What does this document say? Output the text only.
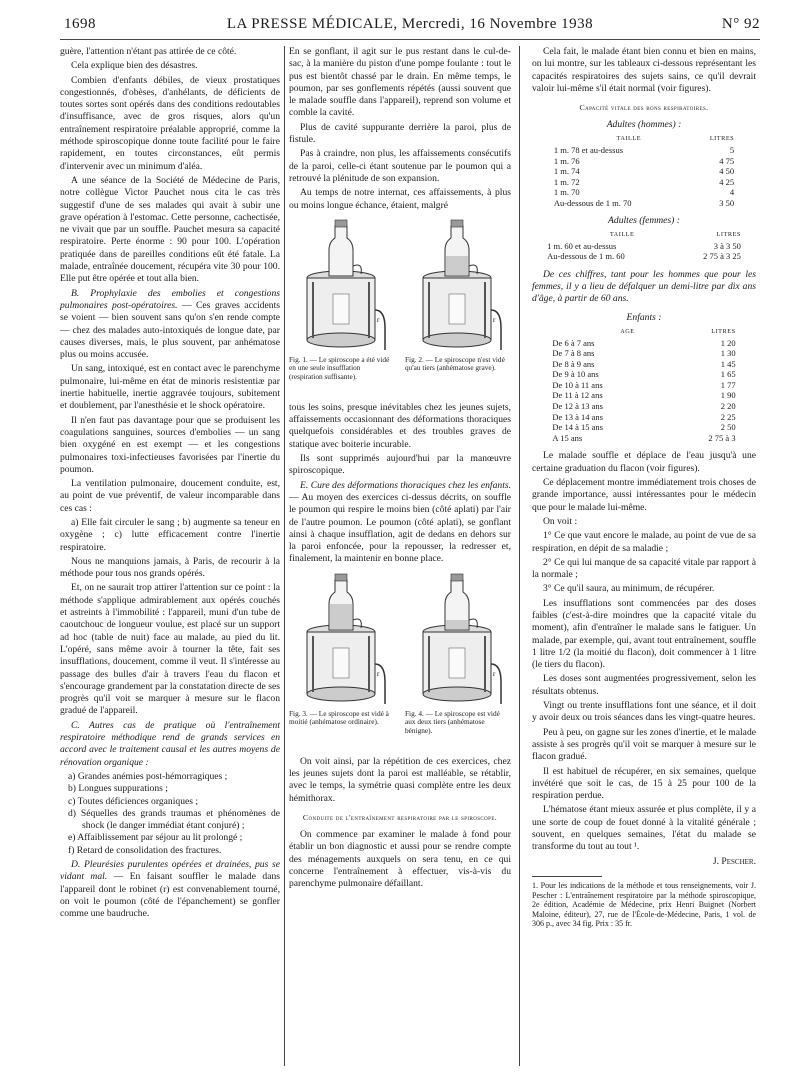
1698	LA PRESSE MÉDICALE, Mercredi, 16 Novembre 1938	N° 92

guère, l'attention n'étant pas attirée de ce côté.

Cela explique bien des désastres.

Combien d'enfants débiles, de vieux prostatiques congestionnés, d'obèses, d'anhélants, de déficients de toutes sortes sont opérés dans des conditions redoutables d'insuffisance, avec de gros risques, alors qu'un entraînement respiratoire préalable approprié, comme la méthode spiroscopique donne toute facilité pour le faire rapidement, en toutes circonstances, eût permis d'intervenir avec un minimum d'aléa.

A une séance de la Société de Médecine de Paris, notre collègue Victor Pauchet nous cita le cas très suggestif d'une de ses malades qui avait à subir une grave opération à l'estomac. Cette personne, cachectisée, ne vivait que par un souffle. Pauchet mesura sa capacité respiratoire. Perte énorme : 90 pour 100. L'opération pratiquée dans de pareilles conditions eût été fatale. La malade, entraînée doucement, récupéra vite 30 pour 100. Elle put être opérée et tout alla bien.

B. Prophylaxie des embolies et congestions pulmonaires post-opératoires. — Ces graves accidents se voient — bien souvent sans qu'on s'en rende compte — chez des malades auto-intoxiqués de longue date, par causes diverses, mais, le plus souvent, par anhématose plus ou moins accusée.

Un sang, intoxiqué, est en contact avec le parenchyme pulmonaire, lui-même en état de minoris resistentiæ par inertie habituelle, inertie aggravée toujours, subitement et doublement, par l'anesthésie et le shock opératoire.

Il n'en faut pas davantage pour que se produisent les coagulations sanguines, sources d'embolies — un sang bien oxygéné en est exempt — et les congestions pulmonaires toxi-infectieuses favorisées par l'inertie du poumon.

La ventilation pulmonaire, doucement conduite, est, au point de vue préventif, de valeur incomparable dans ces cas :

a) Elle fait circuler le sang ; b) augmente sa teneur en oxygène ; c) lutte efficacement contre l'inertie respiratoire.

Nous ne manquions jamais, à Paris, de recourir à la méthode pour tous nos grands opérés.

Et, on ne saurait trop attirer l'attention sur ce point : la méthode s'applique admirablement aux opérés couchés et astreints à l'immobilité : l'appareil, muni d'un tube de caoutchouc de longueur voulue, est placé sur un support ad hoc (table de nuit) face au malade, au pied du lit. L'opéré, sans même avoir à tourner la tête, fait ses insufflations, doucement, comme il veut. Il s'intéresse au passage des bulles d'air à travers l'eau du flacon et s'encourage grandement par la constatation directe de ses progrès qu'il voit se marquer à mesure sur le flacon gradué de l'appareil.

C. Autres cas de pratique où l'entraînement respiratoire méthodique rend de grands services en accord avec le traitement causal et les autres moyens de rénovation organique :

a) Grandes anémies post-hémorragiques ;
b) Longues suppurations ;
c) Toutes déficiences organiques ;
d) Séquelles des grands traumas et phénomènes de shock (le danger immédiat étant conjuré) ;
e) Affaiblissement par séjour au lit prolongé ;
f) Retard de consolidation des fractures.

D. Pleurésies purulentes opérées et drainées, pus se vidant mal. — En faisant souffler le malade dans l'appareil dont le robinet (r) est convenablement tourné, on voit le poumon (côté de l'épanchement) se gonfler comme une baudruche.

En se gonflant, il agit sur le pus restant dans le cul-de-sac, à la manière du piston d'une pompe foulante : tout le pus est bientôt chassé par le drain. En même temps, le poumon, par ses gonflements répétés (aussi souvent que le malade souffle dans l'appareil), reprend son volume et comble la cavité.

Plus de cavité suppurante derrière la paroi, plus de fistule.

Pas à craindre, non plus, les affaissements consécutifs de la paroi, celle-ci étant soutenue par le poumon qui a retrouvé la plénitude de son expansion.

Au temps de notre internat, ces affaissements, à plus ou moins longue échance, étaient, malgré

r
Fig. 1. — Le spiroscope a été vidé en une seule insufflation (respiration suffisante).
r
Fig. 2. — Le spiroscope n'est vidé qu'au tiers (anhématose grave).

tous les soins, presque inévitables chez les jeunes sujets, affaissements occasionnant des déformations thoraciques quelquefois considérables et des troubles graves de statique avec boiterie incurable.

Ils sont supprimés aujourd'hui par la manœuvre spiroscopique.

E. Cure des déformations thoraciques chez les enfants. — Au moyen des exercices ci-dessus décrits, on souffle le poumon qui respire le moins bien (côté aplati) par l'air de l'autre poumon. Le poumon (côté aplati), se gonflant ainsi à chaque insufflation, agit de dedans en dehors sur la paroi enfoncée, pour la repousser, la redresser et, finalement, la maintenir en bonne place.

r
Fig. 3. — Le spiroscope est vidé à moitié (anhématose ordinaire).
r
Fig. 4. — Le spiroscope est vidé aux deux tiers (anhématose bénigne).

On voit ainsi, par la répétition de ces exercices, chez les jeunes sujets dont la paroi est malléable, se rétablir, avec le temps, la symétrie quasi complète entre les deux hémithorax.

Conduite de l'entraînement respiratoire par le spiroscope.

On commence par examiner le malade à fond pour établir un bon diagnostic et aussi pour se rendre compte des ménagements auxquels on sera tenu, en ce qui concerne l'entraînement à effectuer, vis-à-vis du parenchyme pulmonaire défaillant.

Cela fait, le malade étant bien connu et bien en mains, on lui montre, sur les tableaux ci-dessous représentant les capacités respiratoires des sujets sains, ce qu'il devrait valoir lui-même s'il était normal (voir figures).

Capacité vitale des bons respiratoires.
Adultes (hommes) :
TAILLE	LITRES
1 m. 78 et au-dessus	5
1 m. 76	4 75
1 m. 74	4 50
1 m. 72	4 25
1 m. 70	4
Au-dessous de 1 m. 70	3 50
Adultes (femmes) :
TAILLE	LITRES
1 m. 60 et au-dessus	3 à 3 50
Au-dessous de 1 m. 60	2 75 à 3 25

De ces chiffres, tant pour les hommes que pour les femmes, il y a lieu de défalquer un demi-litre par dix ans d'âge, à partir de 60 ans.

Enfants :
AGE	LITRES
De 6 à 7 ans	1 20
De 7 à 8 ans	1 30
De 8 à 9 ans	1 45
De 9 à 10 ans	1 65
De 10 à 11 ans	1 77
De 11 à 12 ans	1 90
De 12 à 13 ans	2 20
De 13 à 14 ans	2 25
De 14 à 15 ans	2 50
A 15 ans	2 75 à 3

Le malade souffle et déplace de l'eau jusqu'à une certaine graduation du flacon (voir figures).

Ce déplacement montre immédiatement trois choses de grande importance, aussi intéressantes pour le médecin que pour le malade lui-même.

On voit :

1° Ce que vaut encore le malade, au point de vue de sa respiration, en dépit de sa maladie ;

2° Ce qui lui manque de sa capacité vitale par rapport à la normale ;

3° Ce qu'il saura, au minimum, de récupérer.

Les insufflations sont commencées par des doses faibles (c'est-à-dire moindres que la capacité vitale du moment), afin d'entraîner le malade sans le fatiguer. Un malade, par exemple, qui, avant tout entraînement, souffle 1 litre 1/2 (la moitié du flacon), doit commencer à 1 litre (le tiers du flacon).

Les doses sont augmentées progressivement, selon les résultats obtenus.

Vingt ou trente insufflations font une séance, et il doit y avoir deux ou trois séances dans les vingt-quatre heures.

Peu à peu, on gagne sur les zones d'inertie, et le malade assiste à ses progrès qu'il voit se marquer à mesure sur le flacon gradué.

Il est habituel de récupérer, en six semaines, quelque invétéré que soit le cas, de 15 à 25 pour 100 de la respiration perdue.

L'hématose étant mieux assurée et plus complète, il y a une sorte de coup de fouet donné à la vitalité générale ; souvent, en quelques semaines, l'état du malade se transforme du tout au tout ¹.

J. Pescher.
1. Pour les indications de la méthode et tous renseignements, voir J. Pescher : L'entraînement respiratoire par la méthode spiroscopique, 2e édition, Académie de Médecine, prix Henri Buignet (Norbert Maloine, éditeur), 27, rue de l'École-de-Médecine, Paris, 1 vol. de 306 p., avec 34 fig. Prix : 35 fr.
